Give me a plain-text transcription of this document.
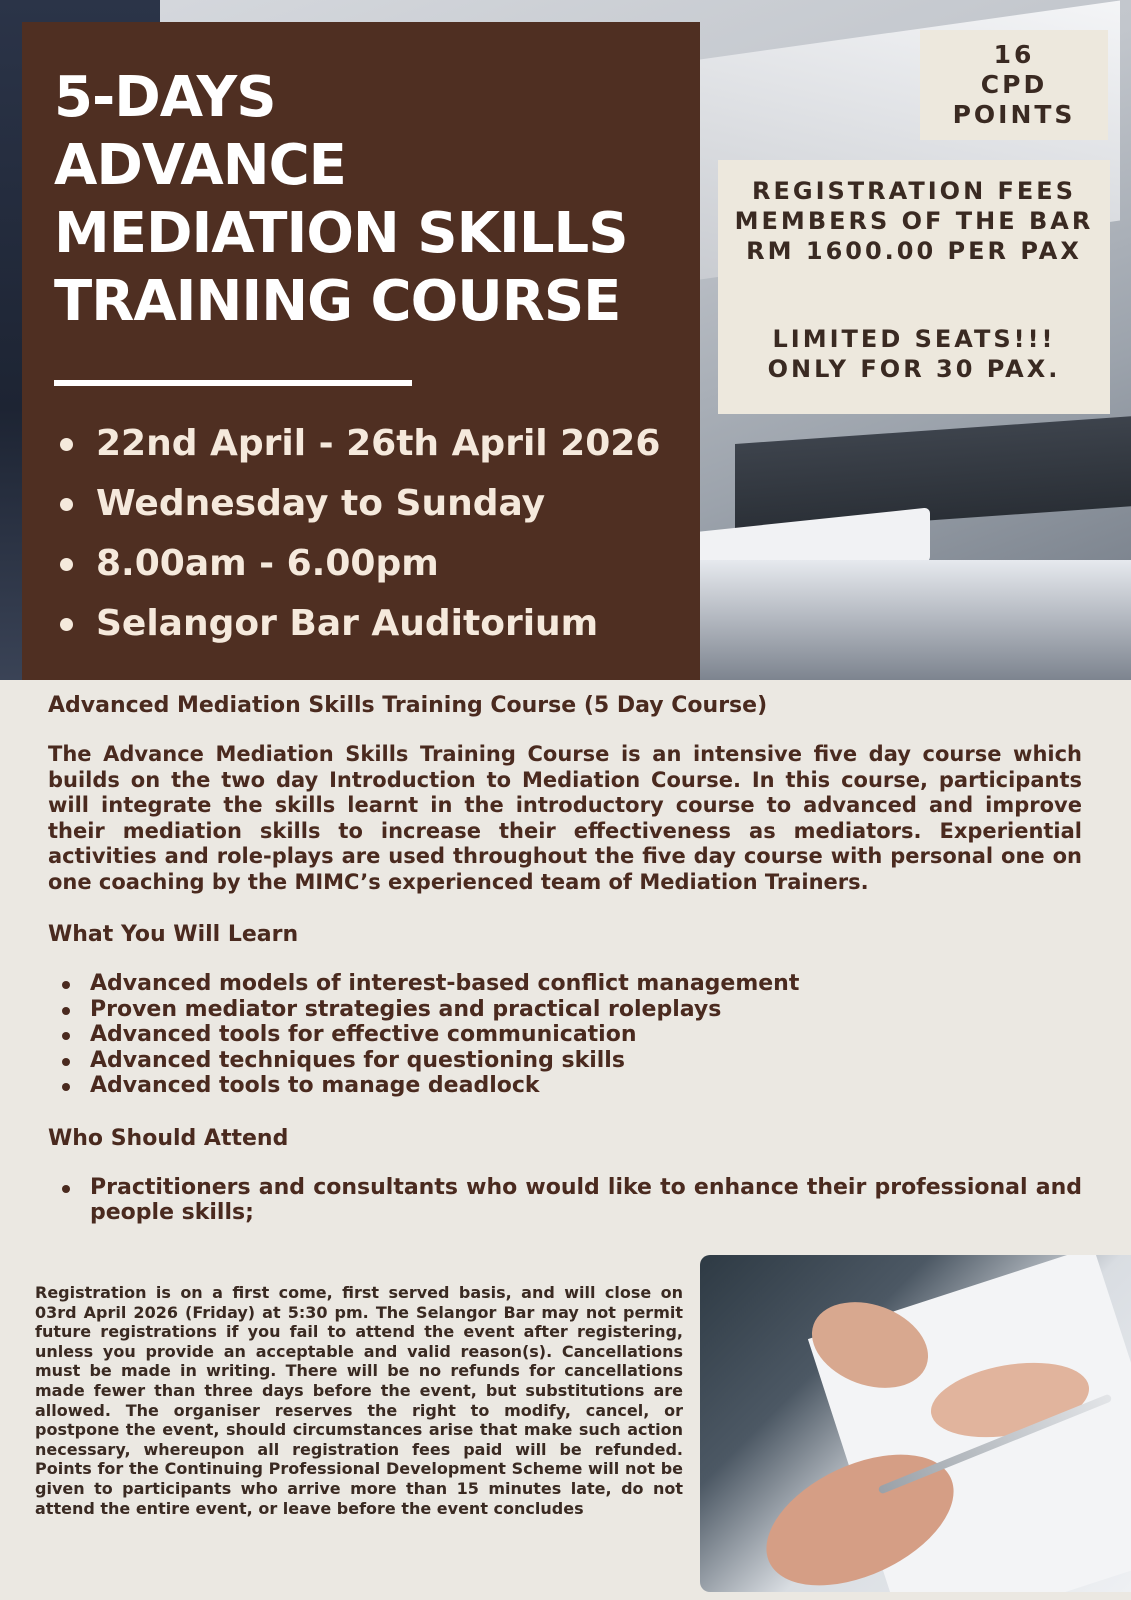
5-DAYS
ADVANCE
MEDIATION SKILLS
TRAINING COURSE
22nd April - 26th April 2026
Wednesday to Sunday
8.00am - 6.00pm
Selangor Bar Auditorium
16
CPD
POINTS
REGISTRATION FEES
MEMBERS OF THE BAR
RM 1600.00 PER PAX
LIMITED SEATS!!!
ONLY FOR 30 PAX.
Advanced Mediation Skills Training Course (5 Day Course)

The Advance Mediation Skills Training Course is an intensive five day course which builds on the two day Introduction to Mediation Course. In this course, participants will integrate the skills learnt in the introductory course to advanced and improve their mediation skills to increase their effectiveness as mediators. Experiential activities and role-plays are used throughout the five day course with personal one on one coaching by the MIMC’s experienced team of Mediation Trainers.

What You Will Learn
Advanced models of interest-based conflict management
Proven mediator strategies and practical roleplays
Advanced tools for effective communication
Advanced techniques for questioning skills
Advanced tools to manage deadlock
Who Should Attend
Practitioners and consultants who would like to enhance their professional and people skills;
Registration is on a first come, first served basis, and will close on 03rd April 2026 (Friday) at 5:30 pm. The Selangor Bar may not permit future registrations if you fail to attend the event after registering, unless you provide an acceptable and valid reason(s). Cancellations must be made in writing. There will be no refunds for cancellations made fewer than three days before the event, but substitutions are allowed. The organiser reserves the right to modify, cancel, or postpone the event, should circumstances arise that make such action necessary, whereupon all registration fees paid will be refunded. Points for the Continuing Professional Development Scheme will not be given to participants who arrive more than 15 minutes late, do not attend the entire event, or leave before the event concludes
